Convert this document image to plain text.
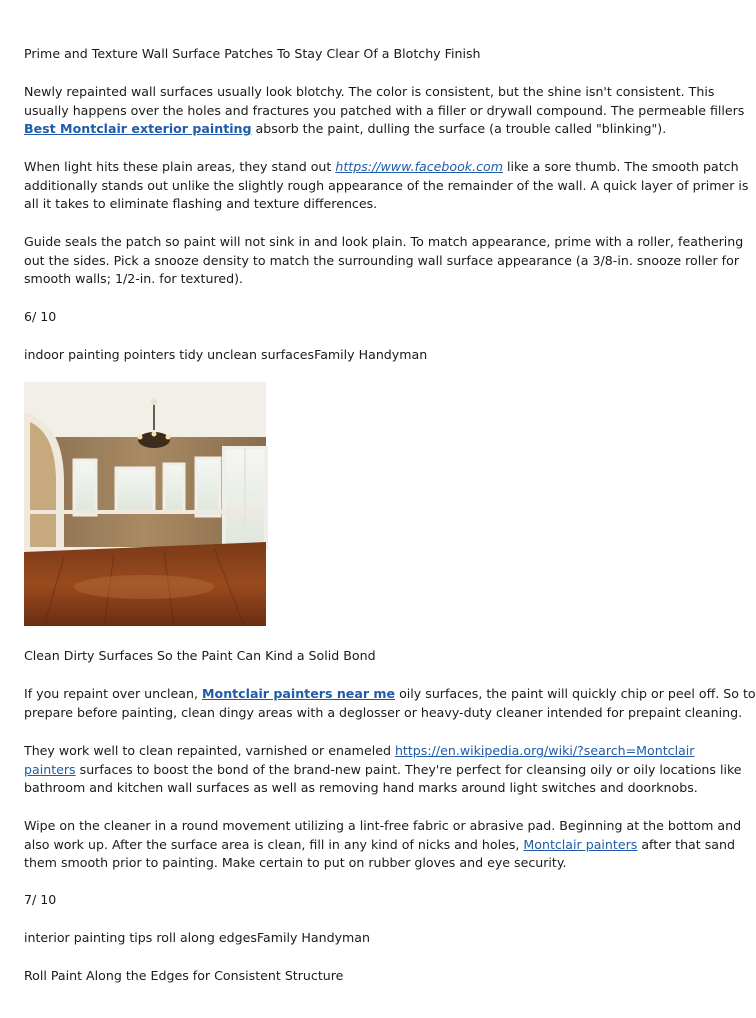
Prime and Texture Wall Surface Patches To Stay Clear Of a Blotchy Finish
Newly repainted wall surfaces usually look blotchy. The color is consistent, but the shine isn't consistent. This
usually happens over the holes and fractures you patched with a filler or drywall compound. The permeable fillers
Best Montclair exterior painting absorb the paint, dulling the surface (a trouble called "blinking").
When light hits these plain areas, they stand out https://www.facebook.com like a sore thumb. The smooth patch
additionally stands out unlike the slightly rough appearance of the remainder of the wall. A quick layer of primer is
all it takes to eliminate flashing and texture differences.
Guide seals the patch so paint will not sink in and look plain. To match appearance, prime with a roller, feathering
out the sides. Pick a snooze density to match the surrounding wall surface appearance (a 3/8-in. snooze roller for
smooth walls; 1/2-in. for textured).
6/ 10
indoor painting pointers tidy unclean surfacesFamily Handyman
Clean Dirty Surfaces So the Paint Can Kind a Solid Bond
If you repaint over unclean, Montclair painters near me oily surfaces, the paint will quickly chip or peel off. So to
prepare before painting, clean dingy areas with a deglosser or heavy-duty cleaner intended for prepaint cleaning.
They work well to clean repainted, varnished or enameled https://en.wikipedia.org/wiki/?search=Montclair
painters surfaces to boost the bond of the brand-new paint. They're perfect for cleansing oily or oily locations like
bathroom and kitchen wall surfaces as well as removing hand marks around light switches and doorknobs.
Wipe on the cleaner in a round movement utilizing a lint-free fabric or abrasive pad. Beginning at the bottom and
also work up. After the surface area is clean, fill in any kind of nicks and holes, Montclair painters after that sand
them smooth prior to painting. Make certain to put on rubber gloves and eye security.
7/ 10
interior painting tips roll along edgesFamily Handyman
Roll Paint Along the Edges for Consistent Structure
